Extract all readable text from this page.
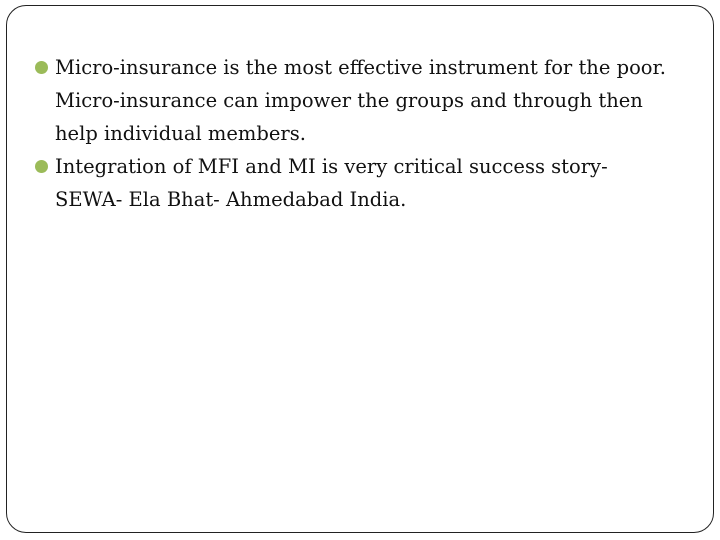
Micro-insurance is the most effective instrument for the poor. Micro-insurance can impower the groups and through then help individual members.
Integration of MFI and MI is very critical success story- SEWA- Ela Bhat- Ahmedabad India.
